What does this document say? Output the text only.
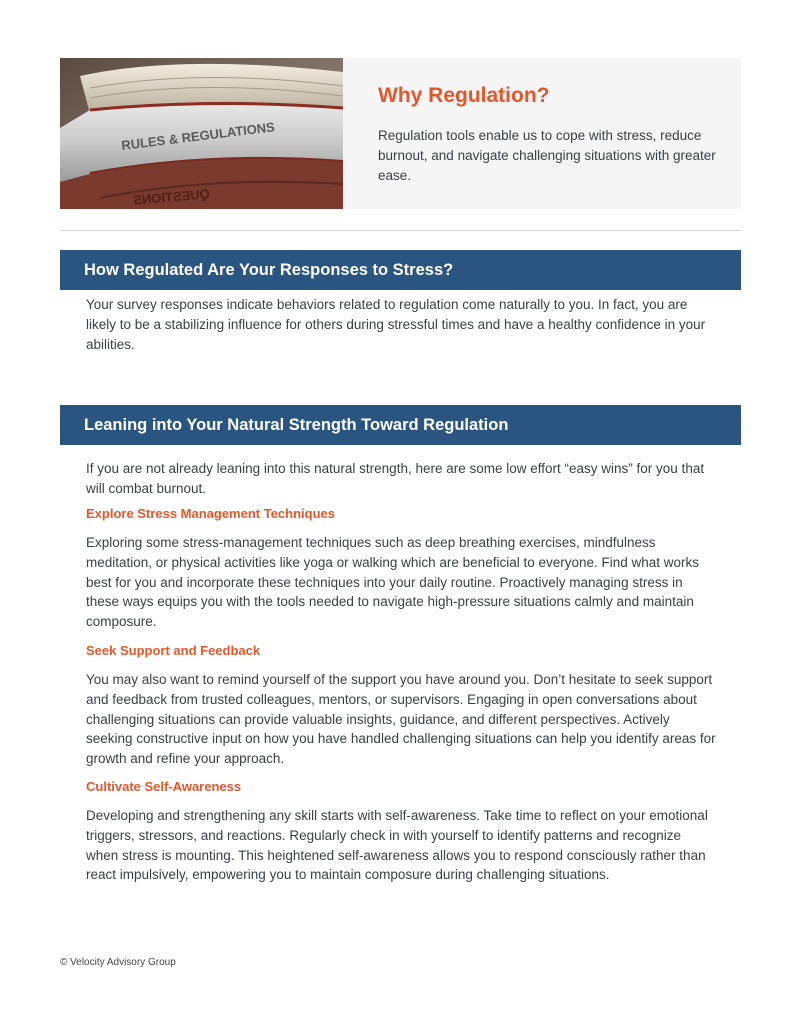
RULES & REGULATIONS
QUESTIONS
Why Regulation?
Regulation tools enable us to cope with stress, reduce burnout, and navigate challenging situations with greater ease.
How Regulated Are Your Responses to Stress?
Your survey responses indicate behaviors related to regulation come naturally to you. In fact, you are likely to be a stabilizing influence for others during stressful times and have a healthy confidence in your abilities.
Leaning into Your Natural Strength Toward Regulation
If you are not already leaning into this natural strength, here are some low effort “easy wins” for you that will combat burnout.
Explore Stress Management Techniques
Exploring some stress-management techniques such as deep breathing exercises, mindfulness meditation, or physical activities like yoga or walking which are beneficial to everyone. Find what works best for you and incorporate these techniques into your daily routine. Proactively managing stress in these ways equips you with the tools needed to navigate high-pressure situations calmly and maintain composure.
Seek Support and Feedback
You may also want to remind yourself of the support you have around you. Don’t hesitate to seek support and feedback from trusted colleagues, mentors, or supervisors. Engaging in open conversations about challenging situations can provide valuable insights, guidance, and different perspectives. Actively seeking constructive input on how you have handled challenging situations can help you identify areas for growth and refine your approach.
Cultivate Self-Awareness
Developing and strengthening any skill starts with self-awareness. Take time to reflect on your emotional triggers, stressors, and reactions. Regularly check in with yourself to identify patterns and recognize when stress is mounting. This heightened self-awareness allows you to respond consciously rather than react impulsively, empowering you to maintain composure during challenging situations.
© Velocity Advisory Group
